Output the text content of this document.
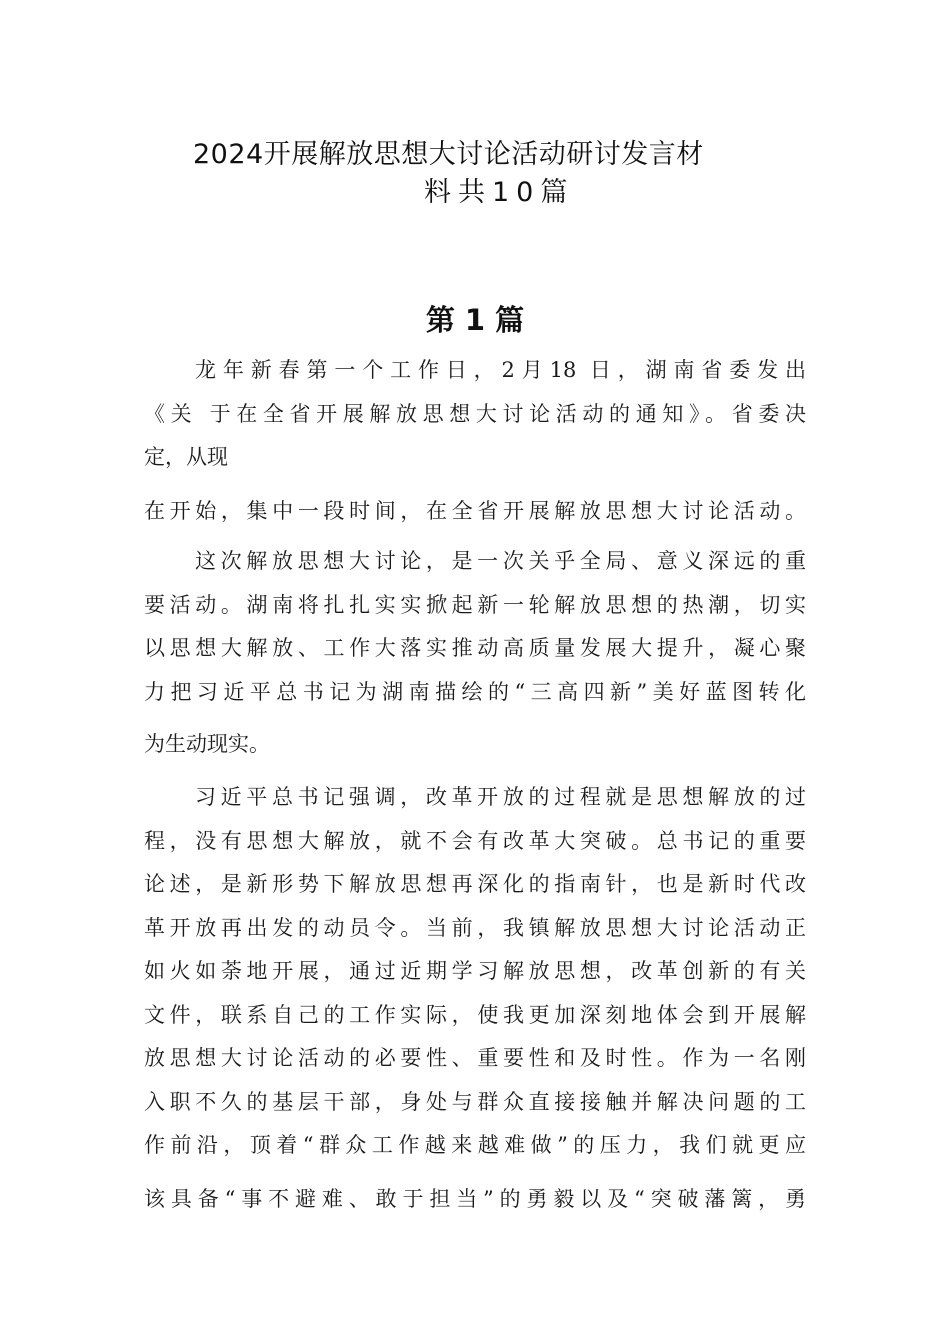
2024开展解放思想大讨论活动研讨发言材
料共10篇
第 1 篇
龙年新春第一个工作日，2月18 日，湖南省委发出
《关 于在全省开展解放思想大讨论活动的通知》。省委决
定，从现
在开始，集中一段时间，在全省开展解放思想大讨论活动。
这次解放思想大讨论，是一次关乎全局、意义深远的重
要活动。湖南将扎扎实实掀起新一轮解放思想的热潮，切实
以思想大解放、工作大落实推动高质量发展大提升，凝心聚
力把习近平总书记为湖南描绘的“三高四新”美好蓝图转化
为生动现实。
习近平总书记强调，改革开放的过程就是思想解放的过
程，没有思想大解放，就不会有改革大突破。总书记的重要
论述，是新形势下解放思想再深化的指南针，也是新时代改
革开放再出发的动员令。当前，我镇解放思想大讨论活动正
如火如荼地开展，通过近期学习解放思想，改革创新的有关
文件，联系自己的工作实际，使我更加深刻地体会到开展解
放思想大讨论活动的必要性、重要性和及时性。作为一名刚
入职不久的基层干部，身处与群众直接接触并解决问题的工
作前沿，顶着“群众工作越来越难做”的压力，我们就更应
该具备“事不避难、敢于担当”的勇毅以及“突破藩篱，勇
